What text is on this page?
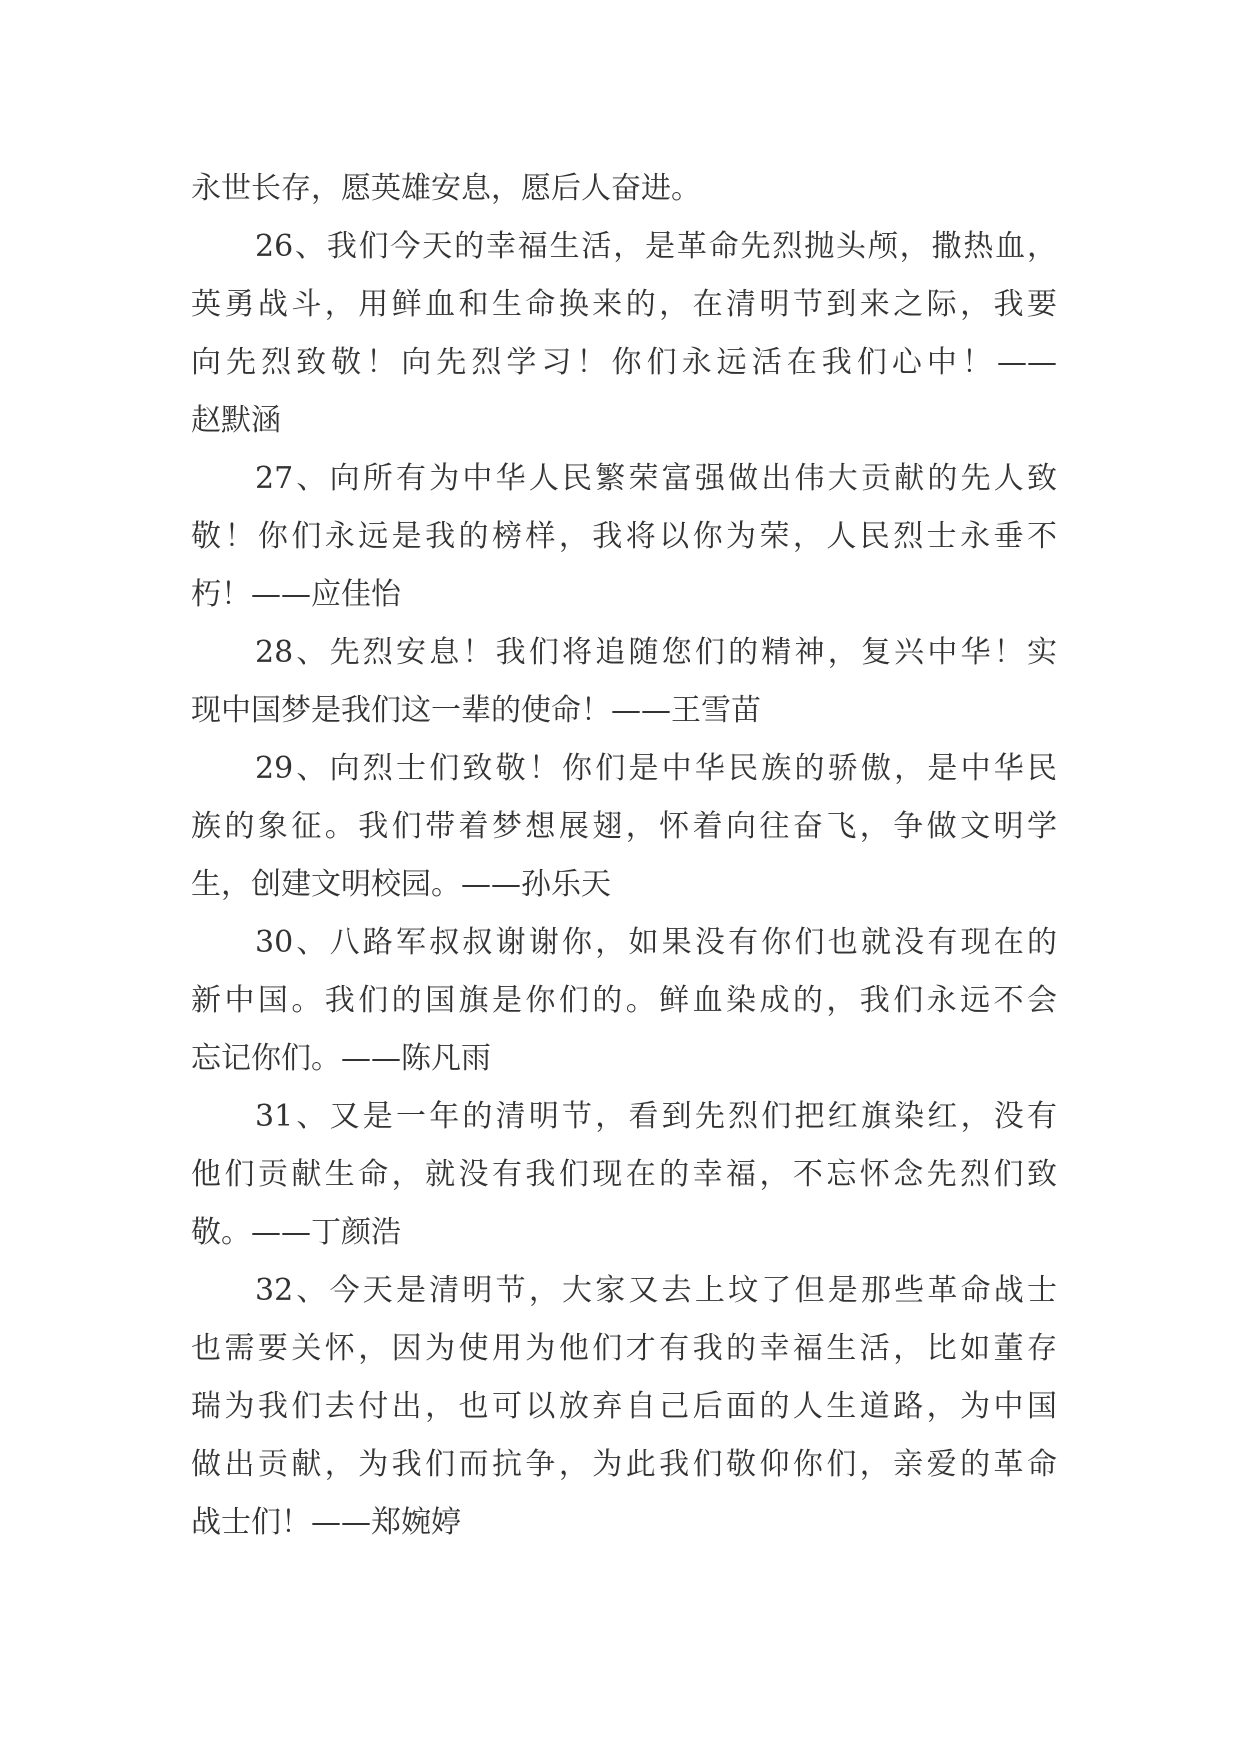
永世长存，愿英雄安息，愿后人奋进。
26、我们今天的幸福生活，是革命先烈抛头颅，撒热血，
英勇战斗，用鲜血和生命换来的，在清明节到来之际，我要
向先烈致敬！向先烈学习！你们永远活在我们心中！——
赵默涵
27、向所有为中华人民繁荣富强做出伟大贡献的先人致
敬！你们永远是我的榜样，我将以你为荣，人民烈士永垂不
朽！——应佳怡
28、先烈安息！我们将追随您们的精神，复兴中华！实
现中国梦是我们这一辈的使命！——王雪苗
29、向烈士们致敬！你们是中华民族的骄傲，是中华民
族的象征。我们带着梦想展翅，怀着向往奋飞，争做文明学
生，创建文明校园。——孙乐天
30、八路军叔叔谢谢你，如果没有你们也就没有现在的
新中国。我们的国旗是你们的。鲜血染成的，我们永远不会
忘记你们。——陈凡雨
31、又是一年的清明节，看到先烈们把红旗染红，没有
他们贡献生命，就没有我们现在的幸福，不忘怀念先烈们致
敬。——丁颜浩
32、今天是清明节，大家又去上坟了但是那些革命战士
也需要关怀，因为使用为他们才有我的幸福生活，比如董存
瑞为我们去付出，也可以放弃自己后面的人生道路，为中国
做出贡献，为我们而抗争，为此我们敬仰你们，亲爱的革命
战士们！——郑婉婷
